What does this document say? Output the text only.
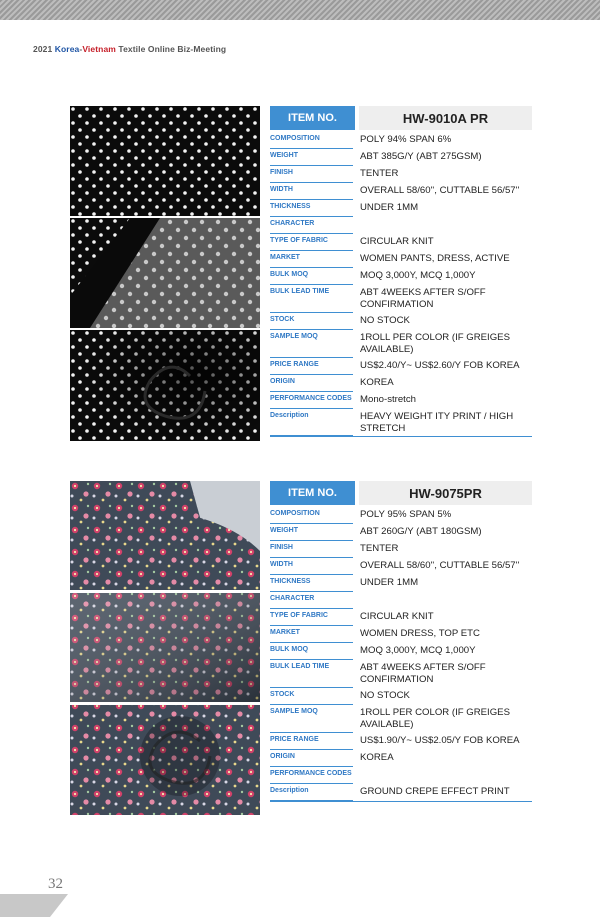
2021 Korea-Vietnam Textile Online Biz-Meeting
ITEM NO.	HW-9010A PR
COMPOSITION	POLY 94% SPAN 6%
WEIGHT	ABT 385G/Y (ABT 275GSM)
FINISH	TENTER
WIDTH	OVERALL 58/60'', CUTTABLE 56/57''
THICKNESS	UNDER 1MM
CHARACTER
TYPE OF FABRIC	CIRCULAR KNIT
MARKET	WOMEN PANTS, DRESS, ACTIVE
BULK MOQ	MOQ 3,000Y, MCQ 1,000Y
BULK LEAD TIME	ABT 4WEEKS AFTER S/OFF CONFIRMATION
STOCK	NO STOCK
SAMPLE MOQ	1ROLL PER COLOR (IF GREIGES AVAILABLE)
PRICE RANGE	US$2.40/Y~ US$2.60/Y FOB KOREA
ORIGIN	KOREA
PERFORMANCE CODES Mono-stretch
Description	HEAVY WEIGHT ITY PRINT / HIGH STRETCH
ITEM NO.	HW-9075PR
COMPOSITION	POLY 95% SPAN 5%
WEIGHT	ABT 260G/Y (ABT 180GSM)
FINISH	TENTER
WIDTH	OVERALL 58/60'', CUTTABLE 56/57''
THICKNESS	UNDER 1MM
CHARACTER
TYPE OF FABRIC	CIRCULAR KNIT
MARKET	WOMEN DRESS, TOP ETC
BULK MOQ	MOQ 3,000Y, MCQ 1,000Y
BULK LEAD TIME	ABT 4WEEKS AFTER S/OFF CONFIRMATION
STOCK	NO STOCK
SAMPLE MOQ	1ROLL PER COLOR (IF GREIGES AVAILABLE)
PRICE RANGE	US$1.90/Y~ US$2.05/Y FOB KOREA
ORIGIN	KOREA
PERFORMANCE CODES
Description	GROUND CREPE EFFECT PRINT
32
